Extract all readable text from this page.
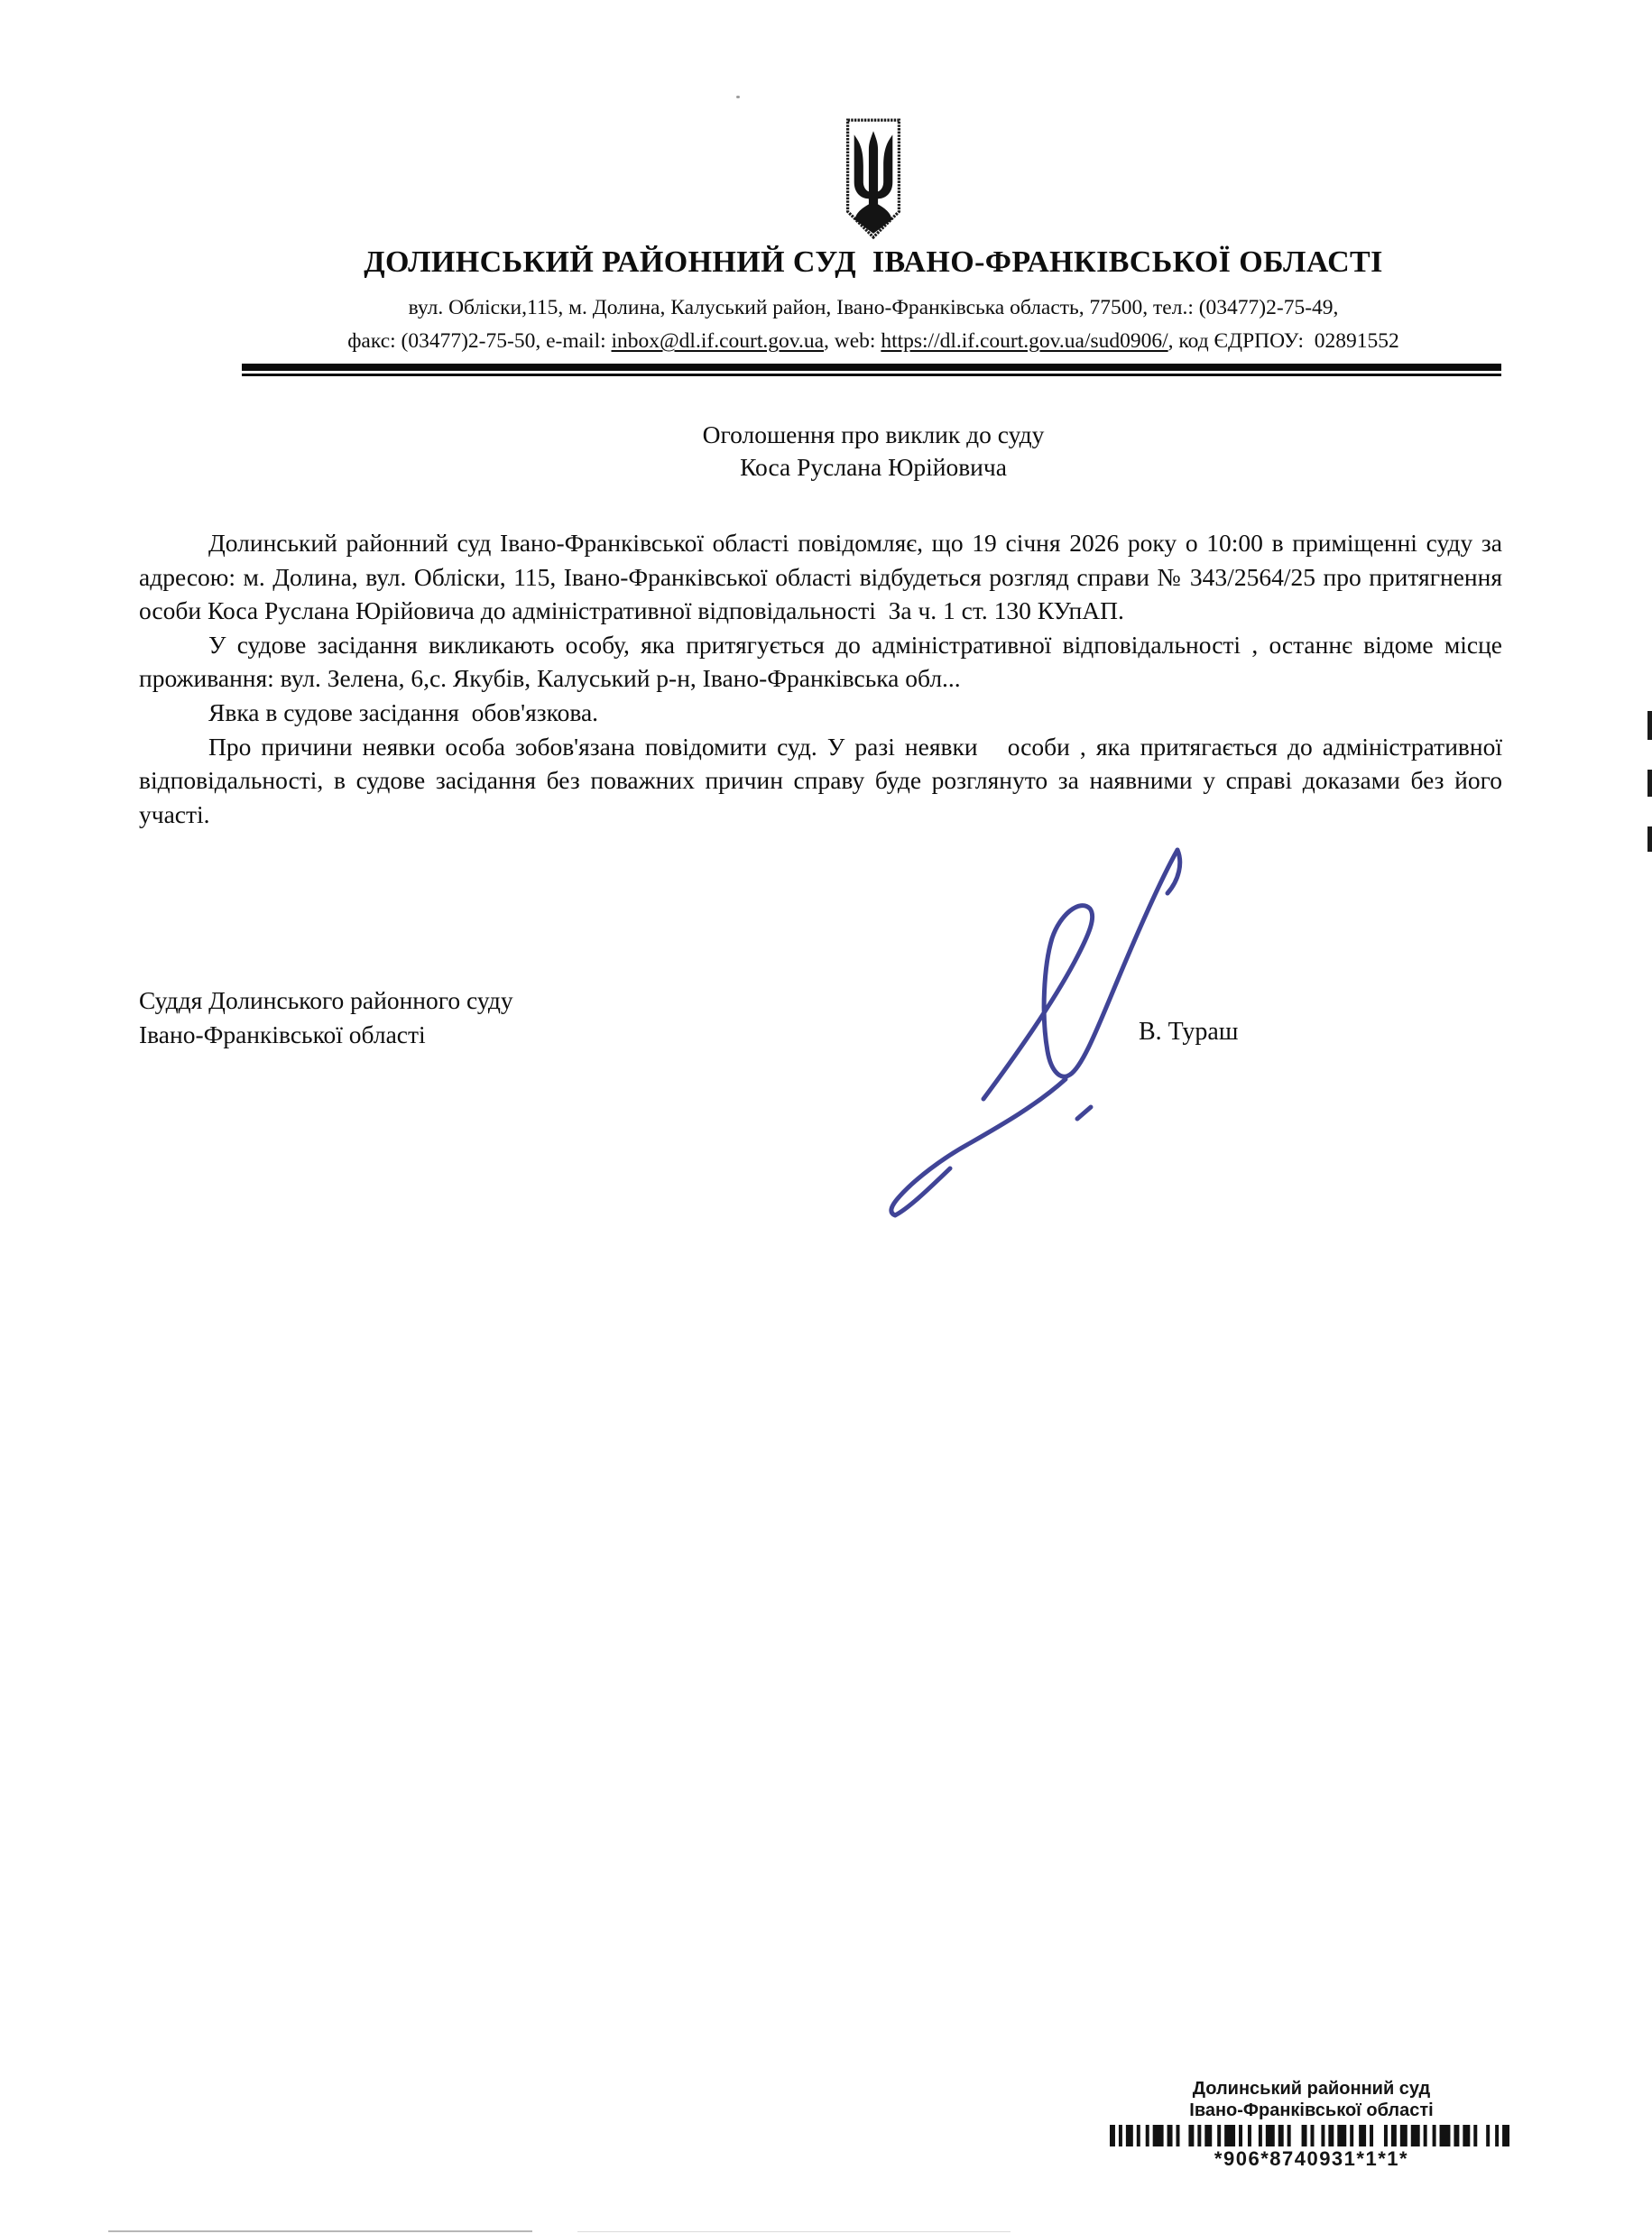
ДОЛИНСЬКИЙ РАЙОННИЙ СУД  ІВАНО-ФРАНКІВСЬКОЇ ОБЛАСТІ
вул. Обліски,115, м. Долина, Калуський район, Івано-Франківська область, 77500, тел.: (03477)2-75-49,
факс: (03477)2-75-50, e-mail: inbox@dl.if.court.gov.ua, web: https://dl.if.court.gov.ua/sud0906/, код ЄДРПОУ:  02891552
Оголошення про виклик до суду
Коса Руслана Юрійовича

Долинський районний суд Івано-Франківської області повідомляє, що 19 січня 2026 року о 10:00 в приміщенні суду за адресою: м. Долина, вул. Обліски, 115, Івано-Франківської області відбудеться розгляд справи № 343/2564/25 про притягнення особи Коса Руслана Юрійовича до адміністративної відповідальності  За ч. 1 ст. 130 КУпАП.

У судове засідання викликають особу, яка притягується до адміністративної відповідальності , останнє відоме місце проживання: вул. Зелена, 6,с. Якубів, Калуський р-н, Івано-Франківська обл...

Явка в судове засідання  обов'язкова.

Про причини неявки особа зобов'язана повідомити суд. У разі неявки   особи , яка притягається до адміністративної відповідальності, в судове засідання без поважних причин справу буде розглянуто за наявними у справі доказами без його участі.

Суддя Долинського районного суду
Івано-Франківської області	В. Тураш
Долинський районний суд
Івано-Франківської області
*906*8740931*1*1*
